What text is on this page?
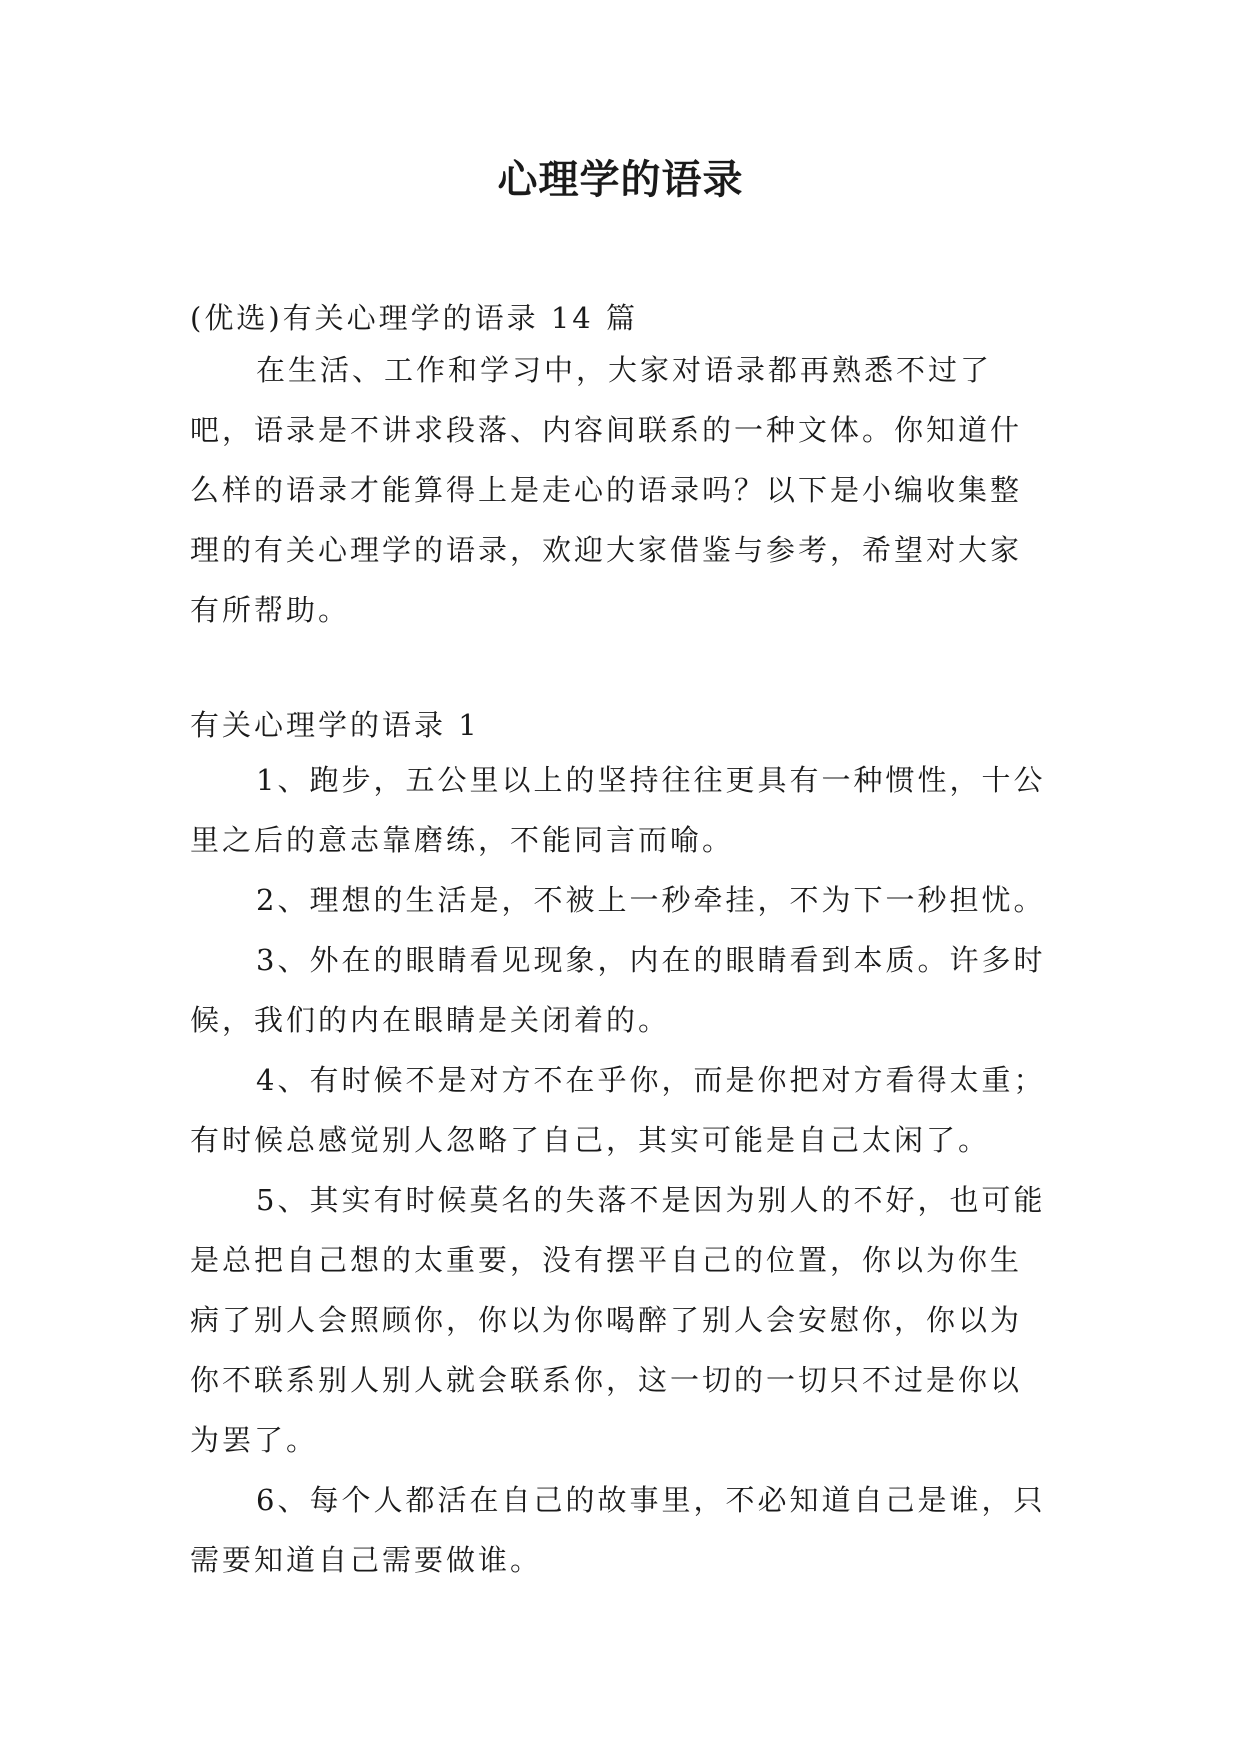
心理学的语录
(优选)有关心理学的语录 14 篇
在生活、工作和学习中，大家对语录都再熟悉不过了吧，语录是不讲求段落、内容间联系的一种文体。你知道什么样的语录才能算得上是走心的语录吗？以下是小编收集整理的有关心理学的语录，欢迎大家借鉴与参考，希望对大家有所帮助。
有关心理学的语录 1

1、跑步，五公里以上的坚持往往更具有一种惯性，十公里之后的意志靠磨练，不能同言而喻。

2、理想的生活是，不被上一秒牵挂，不为下一秒担忧。

3、外在的眼睛看见现象，内在的眼睛看到本质。许多时候，我们的内在眼睛是关闭着的。

4、有时候不是对方不在乎你，而是你把对方看得太重；有时候总感觉别人忽略了自己，其实可能是自己太闲了。

5、其实有时候莫名的失落不是因为别人的不好，也可能是总把自己想的太重要，没有摆平自己的位置，你以为你生病了别人会照顾你，你以为你喝醉了别人会安慰你，你以为你不联系别人别人就会联系你，这一切的一切只不过是你以为罢了。

6、每个人都活在自己的故事里，不必知道自己是谁，只需要知道自己需要做谁。
